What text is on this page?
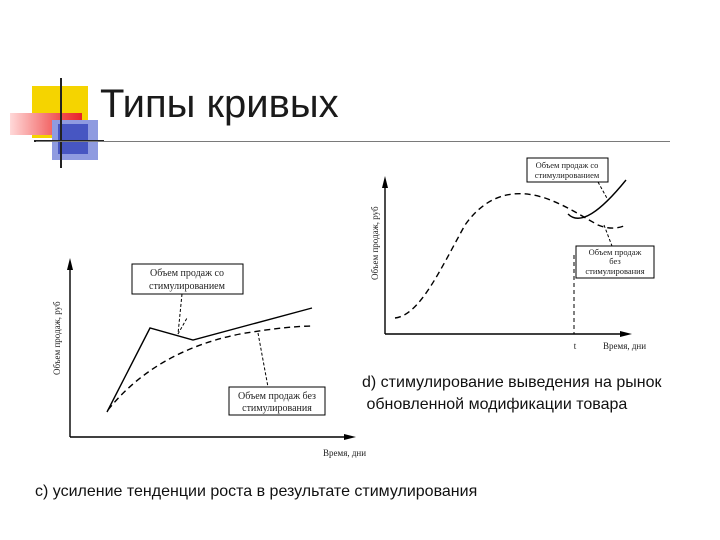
Типы кривых
Объем продаж, руб
Время, дни
Объем продаж со
стимулированием
Объем продаж без
стимулирования
Объем продаж, руб
t	Время, дни
Объем продаж со
стимулированием
Объем продаж
без
стимулирования
d) стимулирование выведения на рынок
обновленной модификации товара
с) усиление тенденции роста в результате стимулирования
